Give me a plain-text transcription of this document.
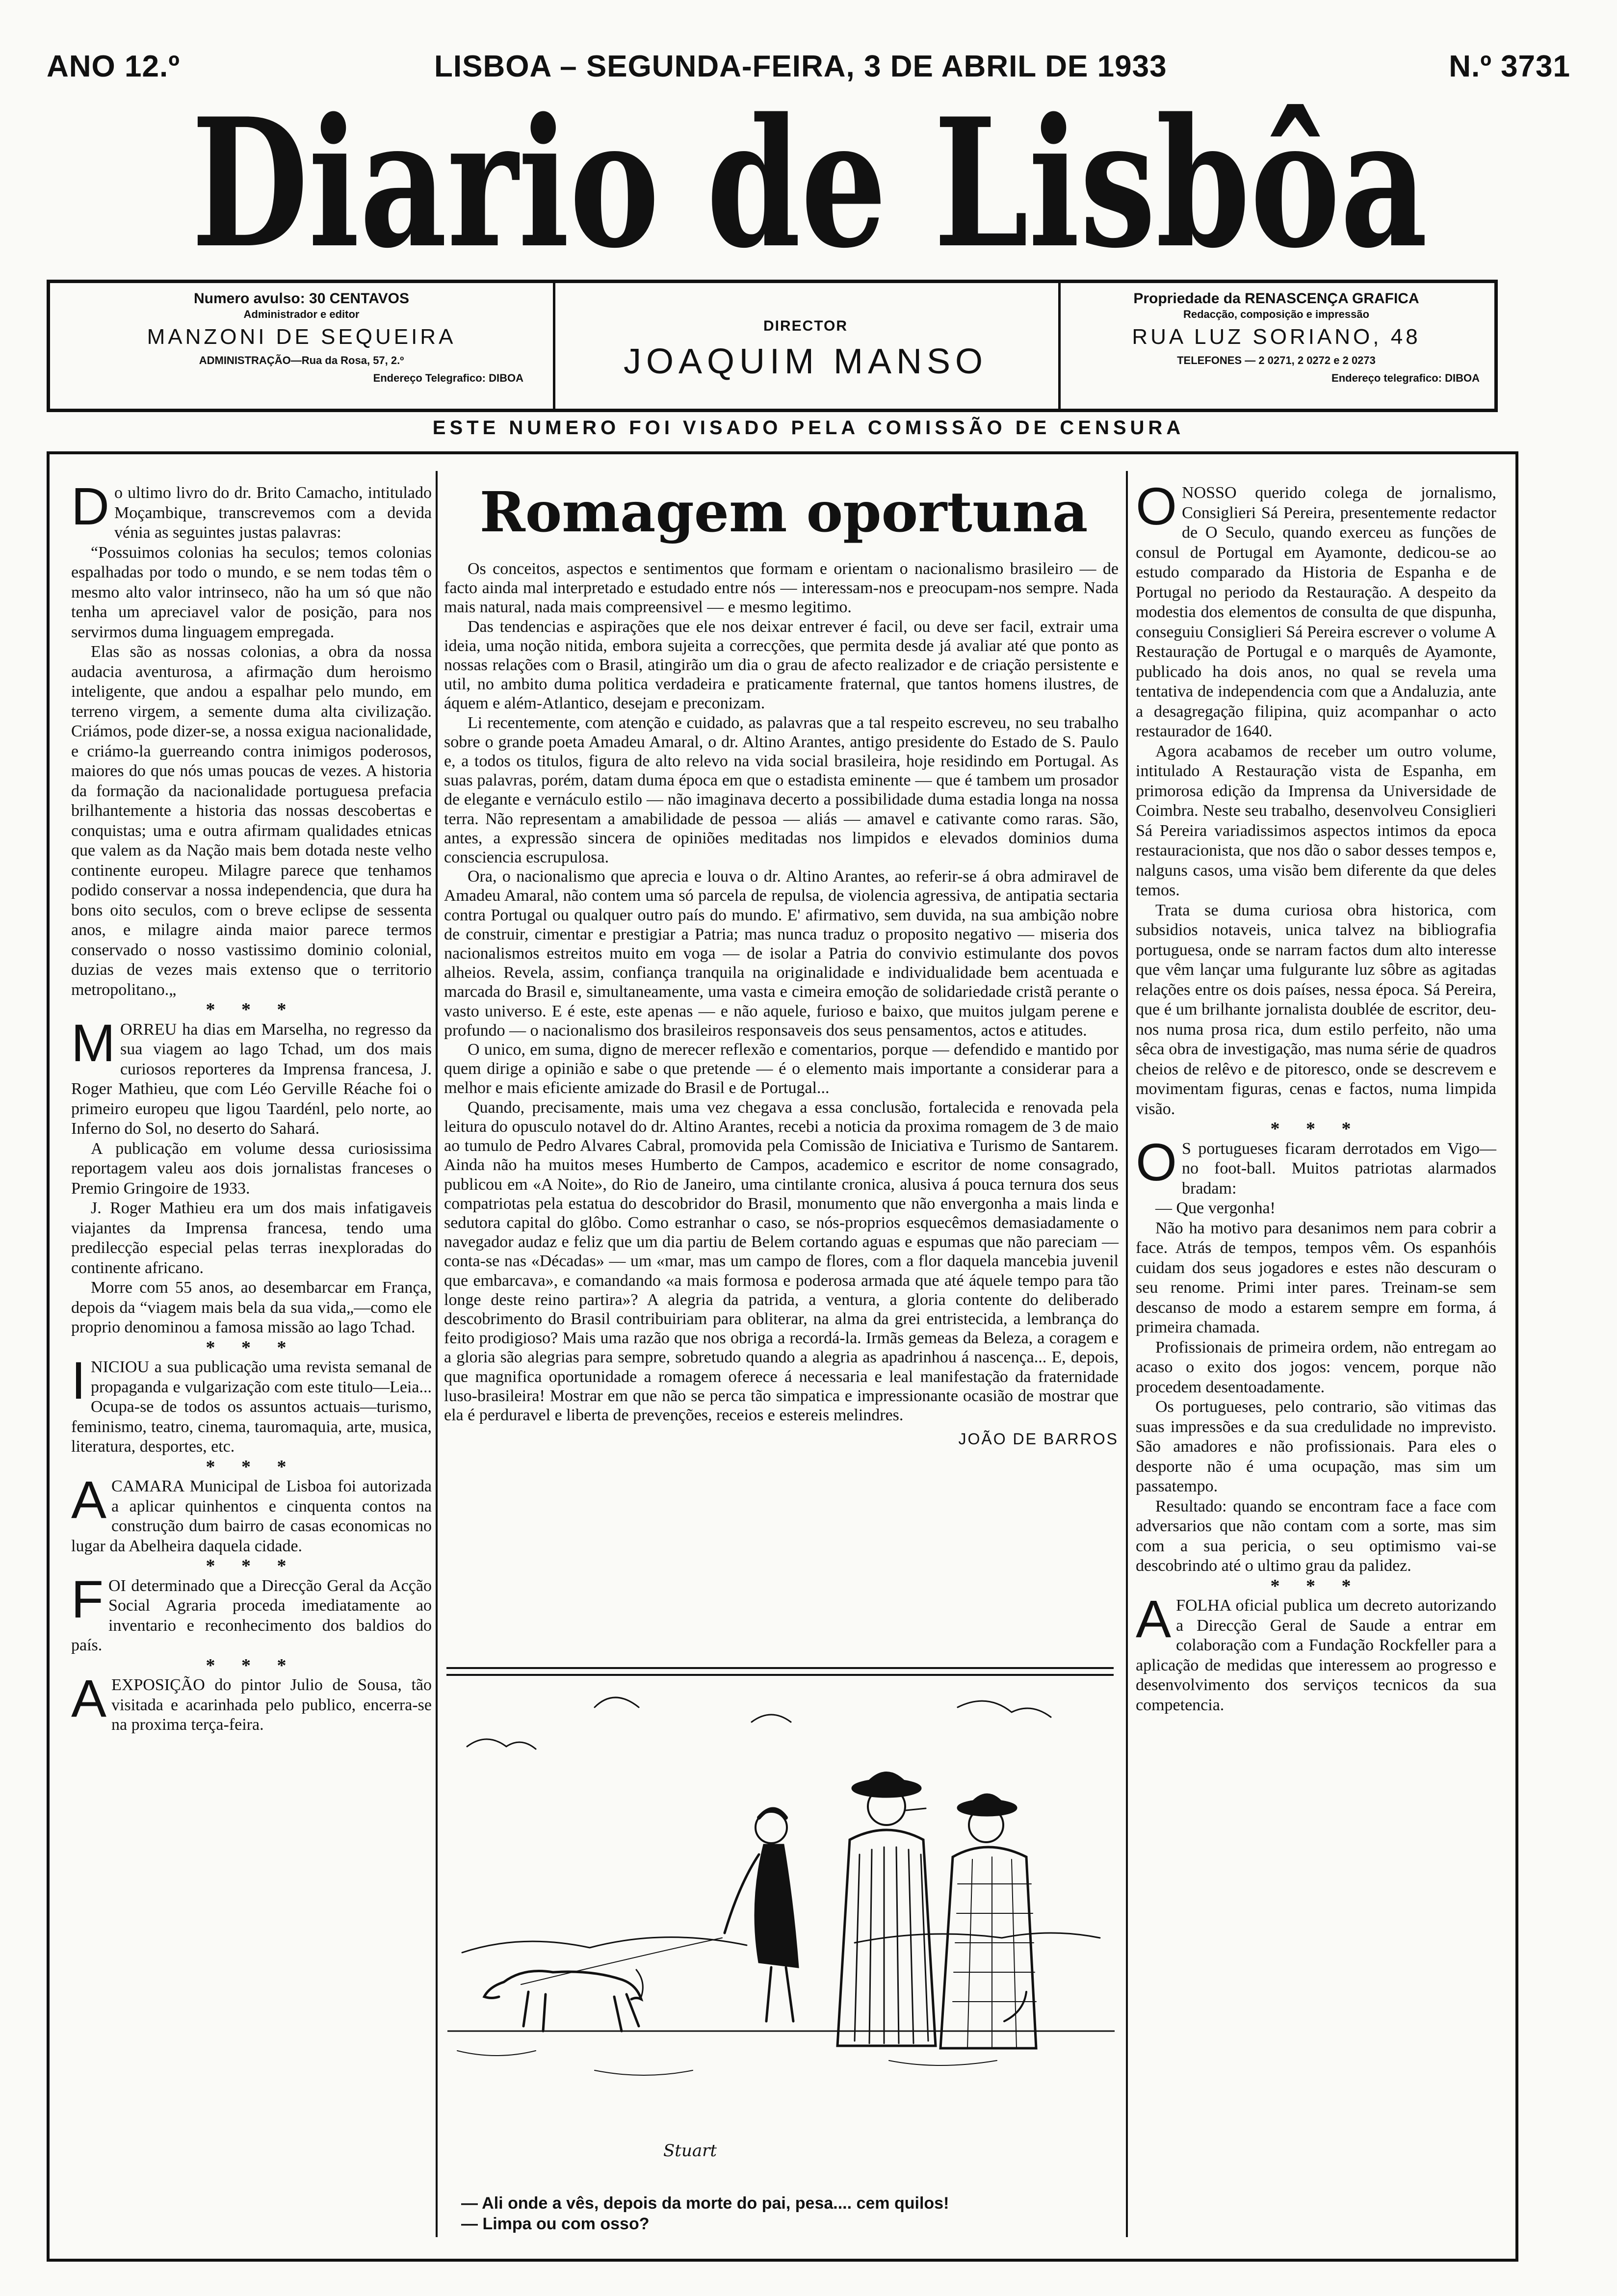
ANO 12.º	LISBOA – SEGUNDA-FEIRA, 3 DE ABRIL DE 1933	N.º 3731
Diario de Lisbôa
Numero avulso: 30 CENTAVOS
Administrador e editor
MANZONI DE SEQUEIRA
ADMINISTRAÇÃO—Rua da Rosa, 57, 2.º
Endereço Telegrafico: DIBOA
DIRECTOR
JOAQUIM MANSO
Propriedade da RENASCENÇA GRAFICA
Redacção, composição e impressão
RUA LUZ SORIANO, 48
TELEFONES — 2 0271, 2 0272 e 2 0273
Endereço telegrafico: DIBOA
ESTE NUMERO FOI VISADO PELA COMISSÃO DE CENSURA
D o ultimo livro do dr. Brito Camacho, intitulado Moçambique, transcrevemos com a devida vénia as seguintes justas palavras:

“Possuimos colonias ha seculos; temos colonias espalhadas por todo o mundo, e se nem todas têm o mesmo alto valor intrinseco, não ha um só que não tenha um apreciavel valor de posição, para nos servirmos duma linguagem empregada.

Elas são as nossas colonias, a obra da nossa audacia aventurosa, a afirmação dum heroismo inteligente, que andou a espalhar pelo mundo, em terreno virgem, a semente duma alta civilização. Criámos, pode dizer-se, a nossa exigua nacionalidade, e criámo-la guerreando contra inimigos poderosos, maiores do que nós umas poucas de vezes. A historia da formação da nacionalidade portuguesa prefacia brilhantemente a historia das nossas descobertas e conquistas; uma e outra afirmam qualidades etnicas que valem as da Nação mais bem dotada neste velho continente europeu. Milagre parece que tenhamos podido conservar a nossa independencia, que dura ha bons oito seculos, com o breve eclipse de sessenta anos, e milagre ainda maior parece termos conservado o nosso vastissimo dominio colonial, duzias de vezes mais extenso que o territorio metropolitano.„

* * *

M ORREU ha dias em Marselha, no regresso da sua viagem ao lago Tchad, um dos mais curiosos reporteres da Imprensa francesa, J. Roger Mathieu, que com Léo Gerville Réache foi o primeiro europeu que ligou Taardénl, pelo norte, ao Inferno do Sol, no deserto do Sahará.

A publicação em volume dessa curiosissima reportagem valeu aos dois jornalistas franceses o Premio Gringoire de 1933.

J. Roger Mathieu era um dos mais infatigaveis viajantes da Imprensa francesa, tendo uma predilecção especial pelas terras inexploradas do continente africano.

Morre com 55 anos, ao desembarcar em França, depois da “viagem mais bela da sua vida„—como ele proprio denominou a famosa missão ao lago Tchad.

* * *

I NICIOU a sua publicação uma revista semanal de propaganda e vulgarização com este titulo—Leia... Ocupa-se de todos os assuntos actuais—turismo, feminismo, teatro, cinema, tauromaquia, arte, musica, literatura, desportes, etc.

* * *

A CAMARA Municipal de Lisboa foi autorizada a aplicar quinhentos e cinquenta contos na construção dum bairro de casas economicas no lugar da Abelheira daquela cidade.

* * *

F OI determinado que a Direcção Geral da Acção Social Agraria proceda imediatamente ao inventario e reconhecimento dos baldios do país.

* * *

A EXPOSIÇÃO do pintor Julio de Sousa, tão visitada e acarinhada pelo publico, encerra-se na proxima terça-feira.

Romagem oportuna

Os conceitos, aspectos e sentimentos que formam e orientam o nacionalismo brasileiro — de facto ainda mal interpretado e estudado entre nós — interessam-nos e preocupam-nos sempre. Nada mais natural, nada mais compreensivel — e mesmo legitimo.

Das tendencias e aspirações que ele nos deixar entrever é facil, ou deve ser facil, extrair uma ideia, uma noção nitida, embora sujeita a correcções, que permita desde já avaliar até que ponto as nossas relações com o Brasil, atingirão um dia o grau de afecto realizador e de criação persistente e util, no ambito duma politica verdadeira e praticamente fraternal, que tantos homens ilustres, de áquem e além-Atlantico, desejam e preconizam.

Li recentemente, com atenção e cuidado, as palavras que a tal respeito escreveu, no seu trabalho sobre o grande poeta Amadeu Amaral, o dr. Altino Arantes, antigo presidente do Estado de S. Paulo e, a todos os titulos, figura de alto relevo na vida social brasileira, hoje residindo em Portugal. As suas palavras, porém, datam duma época em que o estadista eminente — que é tambem um prosador de elegante e vernáculo estilo — não imaginava decerto a possibilidade duma estadia longa na nossa terra. Não representam a amabilidade de pessoa — aliás — amavel e cativante como raras. São, antes, a expressão sincera de opiniões meditadas nos limpidos e elevados dominios duma consciencia escrupulosa.

Ora, o nacionalismo que aprecia e louva o dr. Altino Arantes, ao referir-se á obra admiravel de Amadeu Amaral, não contem uma só parcela de repulsa, de violencia agressiva, de antipatia sectaria contra Portugal ou qualquer outro país do mundo. E' afirmativo, sem duvida, na sua ambição nobre de construir, cimentar e prestigiar a Patria; mas nunca traduz o proposito negativo — miseria dos nacionalismos estreitos muito em voga — de isolar a Patria do convivio estimulante dos povos alheios. Revela, assim, confiança tranquila na originalidade e individualidade bem acentuada e marcada do Brasil e, simultaneamente, uma vasta e cimeira emoção de solidariedade cristã perante o vasto universo. E é este, este apenas — e não aquele, furioso e baixo, que muitos julgam perene e profundo — o nacionalismo dos brasileiros responsaveis dos seus pensamentos, actos e atitudes.

O unico, em suma, digno de merecer reflexão e comentarios, porque — defendido e mantido por quem dirige a opinião e sabe o que pretende — é o elemento mais importante a considerar para a melhor e mais eficiente amizade do Brasil e de Portugal...

Quando, precisamente, mais uma vez chegava a essa conclusão, fortalecida e renovada pela leitura do opusculo notavel do dr. Altino Arantes, recebi a noticia da proxima romagem de 3 de maio ao tumulo de Pedro Alvares Cabral, promovida pela Comissão de Iniciativa e Turismo de Santarem. Ainda não ha muitos meses Humberto de Campos, academico e escritor de nome consagrado, publicou em «A Noite», do Rio de Janeiro, uma cintilante cronica, alusiva á pouca ternura dos seus compatriotas pela estatua do descobridor do Brasil, monumento que não envergonha a mais linda e sedutora capital do glôbo. Como estranhar o caso, se nós-proprios esquecêmos demasiadamente o navegador audaz e feliz que um dia partiu de Belem cortando aguas e espumas que não pareciam — conta-se nas «Décadas» — um «mar, mas um campo de flores, com a flor daquela mancebia juvenil que embarcava», e comandando «a mais formosa e poderosa armada que até áquele tempo para tão longe deste reino partira»? A alegria da patrida, a ventura, a gloria contente do deliberado descobrimento do Brasil contribuiriam para obliterar, na alma da grei entristecida, a lembrança do feito prodigioso? Mais uma razão que nos obriga a recordá-la. Irmãs gemeas da Beleza, a coragem e a gloria são alegrias para sempre, sobretudo quando a alegria as apadrinhou á nascença... E, depois, que magnifica oportunidade a romagem oferece á necessaria e leal manifestação da fraternidade luso-brasileira! Mostrar em que não se perca tão simpatica e impressionante ocasião de mostrar que ela é perduravel e liberta de prevenções, receios e estereis melindres.

JOÃO DE BARROS
Stuart

— Ali onde a vês, depois da morte do pai, pesa.... cem quilos!

— Limpa ou com osso?

O NOSSO querido colega de jornalismo, Consiglieri Sá Pereira, presentemente redactor de O Seculo, quando exerceu as funções de consul de Portugal em Ayamonte, dedicou-se ao estudo comparado da Historia de Espanha e de Portugal no periodo da Restauração. A despeito da modestia dos elementos de consulta de que dispunha, conseguiu Consiglieri Sá Pereira escrever o volume A Restauração de Portugal e o marquês de Ayamonte, publicado ha dois anos, no qual se revela uma tentativa de independencia com que a Andaluzia, ante a desagregação filipina, quiz acompanhar o acto restaurador de 1640.

Agora acabamos de receber um outro volume, intitulado A Restauração vista de Espanha, em primorosa edição da Imprensa da Universidade de Coimbra. Neste seu trabalho, desenvolveu Consiglieri Sá Pereira variadissimos aspectos intimos da epoca restauracionista, que nos dão o sabor desses tempos e, nalguns casos, uma visão bem diferente da que deles temos.

Trata se duma curiosa obra historica, com subsidios notaveis, unica talvez na bibliografia portuguesa, onde se narram factos dum alto interesse que vêm lançar uma fulgurante luz sôbre as agitadas relações entre os dois países, nessa época. Sá Pereira, que é um brilhante jornalista doublée de escritor, deu-nos numa prosa rica, dum estilo perfeito, não uma sêca obra de investigação, mas numa série de quadros cheios de relêvo e de pitoresco, onde se descrevem e movimentam figuras, cenas e factos, numa limpida visão.

* * *

O S portugueses ficaram derrotados em Vigo—no foot-ball. Muitos patriotas alarmados bradam:

— Que vergonha!

Não ha motivo para desanimos nem para cobrir a face. Atrás de tempos, tempos vêm. Os espanhóis cuidam dos seus jogadores e estes não descuram o seu renome. Primi inter pares. Treinam-se sem descanso de modo a estarem sempre em forma, á primeira chamada.

Profissionais de primeira ordem, não entregam ao acaso o exito dos jogos: vencem, porque não procedem desentoadamente.

Os portugueses, pelo contrario, são vitimas das suas impressões e da sua credulidade no imprevisto. São amadores e não profissionais. Para eles o desporte não é uma ocupação, mas sim um passatempo.

Resultado: quando se encontram face a face com adversarios que não contam com a sorte, mas sim com a sua pericia, o seu optimismo vai-se descobrindo até o ultimo grau da palidez.

* * *

A FOLHA oficial publica um decreto autorizando a Direcção Geral de Saude a entrar em colaboração com a Fundação Rockfeller para a aplicação de medidas que interessem ao progresso e desenvolvimento dos serviços tecnicos da sua competencia.
